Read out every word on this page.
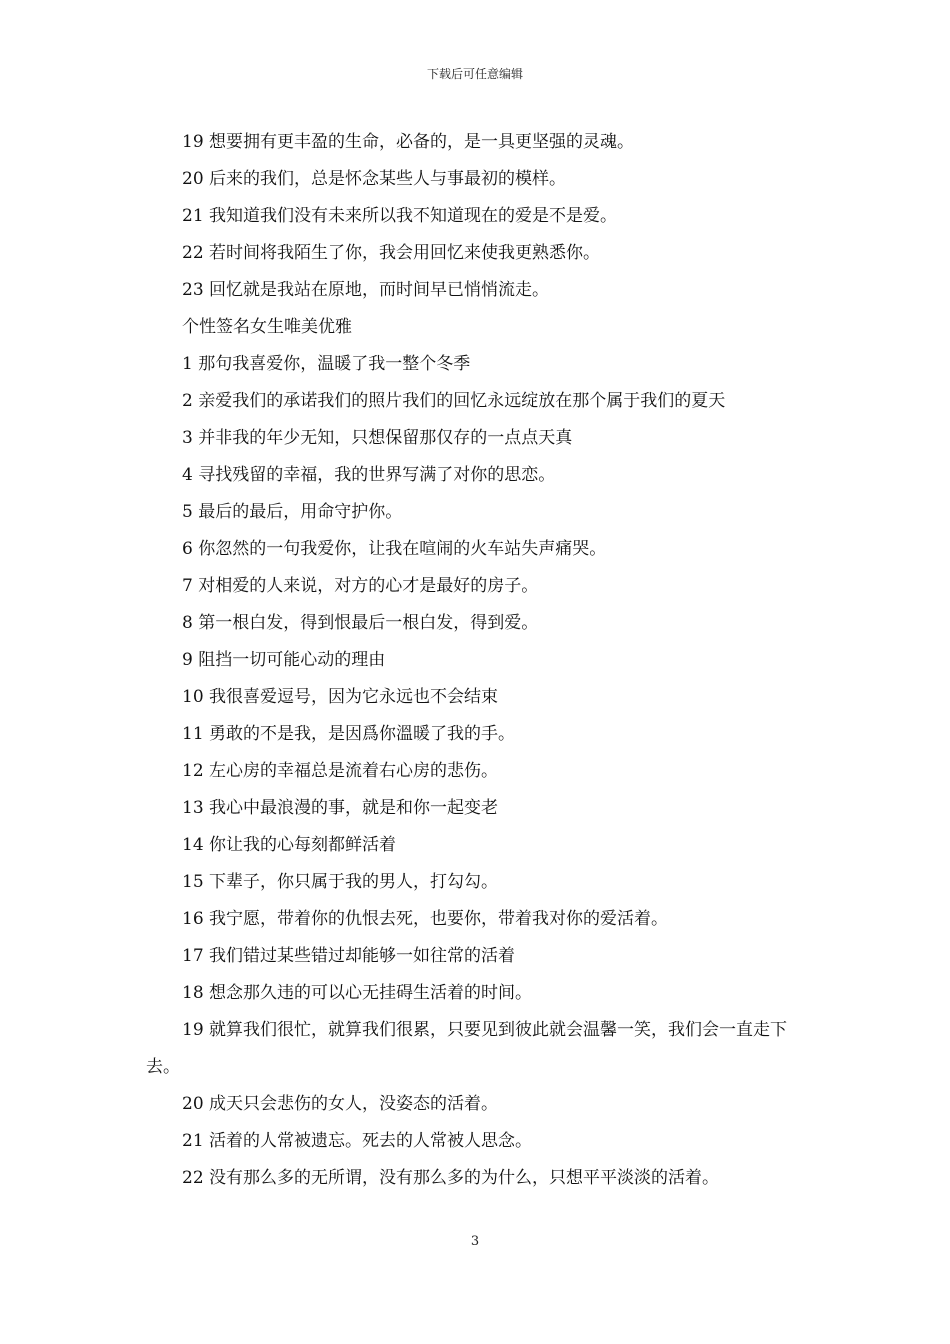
下载后可任意编辑
19 想要拥有更丰盈的生命，必备的，是一具更坚强的灵魂。
20 后来的我们，总是怀念某些人与事最初的模样。
21 我知道我们没有未来所以我不知道现在的爱是不是爱。
22 若时间将我陌生了你，我会用回忆来使我更熟悉你。
23 回忆就是我站在原地，而时间早已悄悄流走。
个性签名女生唯美优雅
1 那句我喜爱你，温暖了我一整个冬季
2 亲爱我们的承诺我们的照片我们的回忆永远绽放在那个属于我们的夏天
3 并非我的年少无知，只想保留那仅存的一点点天真
4 寻找残留的幸福，我的世界写满了对你的思恋。
5 最后的最后，用命守护你。
6 你忽然的一句我爱你，让我在喧闹的火车站失声痛哭。
7 对相爱的人来说，对方的心才是最好的房子。
8 第一根白发，得到恨最后一根白发，得到爱。
9 阻挡一切可能心动的理由
10 我很喜爱逗号，因为它永远也不会结束
11 勇敢的不是我，是因爲你溫暖了我的手。
12 左心房的幸福总是流着右心房的悲伤。
13 我心中最浪漫的事，就是和你一起变老
14 你让我的心每刻都鲜活着
15 下辈子，你只属于我的男人，打勾勾。
16 我宁愿，带着你的仇恨去死，也要你，带着我对你的爱活着。
17 我们错过某些错过却能够一如往常的活着
18 想念那久违的可以心无挂碍生活着的时间。
19 就算我们很忙，就算我们很累，只要见到彼此就会温馨一笑，我们会一直走下去。
20 成天只会悲伤的女人，没姿态的活着。
21 活着的人常被遗忘。死去的人常被人思念。
22 没有那么多的无所谓，没有那么多的为什么，只想平平淡淡的活着。
3
